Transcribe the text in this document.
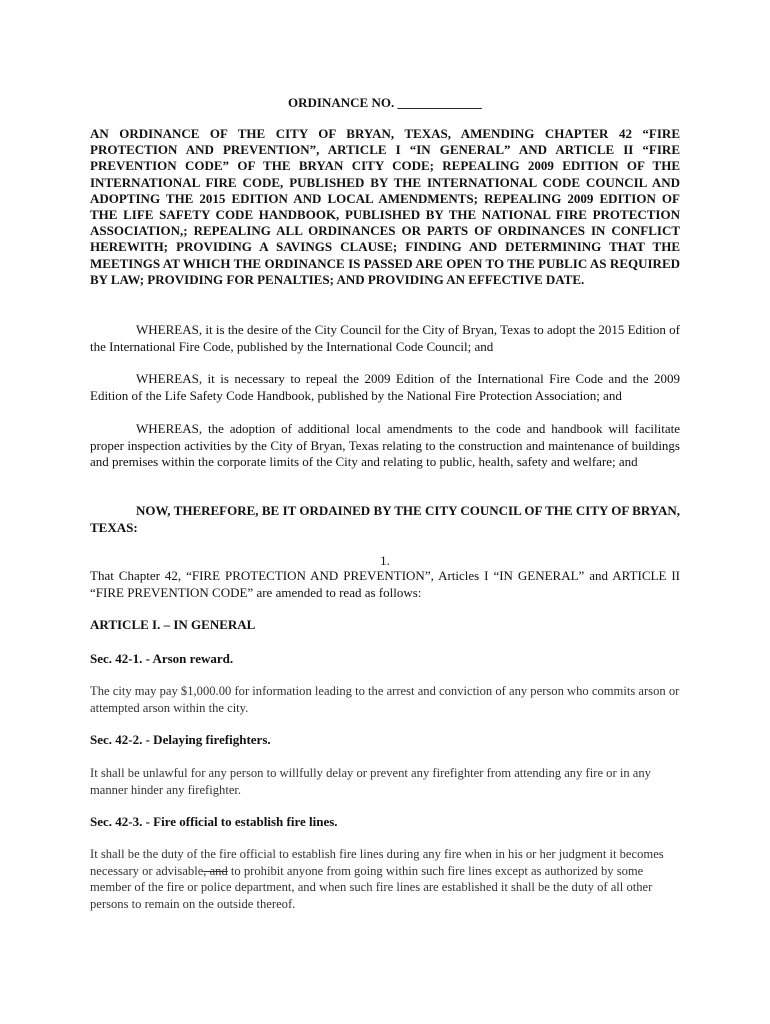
ORDINANCE NO. _____________
AN ORDINANCE OF THE CITY OF BRYAN, TEXAS, AMENDING CHAPTER 42 “FIRE PROTECTION AND PREVENTION”, ARTICLE I “IN GENERAL” AND ARTICLE II “FIRE PREVENTION CODE” OF THE BRYAN CITY CODE; REPEALING 2009 EDITION OF THE INTERNATIONAL FIRE CODE, PUBLISHED BY THE INTERNATIONAL CODE COUNCIL AND ADOPTING THE 2015 EDITION AND LOCAL AMENDMENTS; REPEALING 2009 EDITION OF THE LIFE SAFETY CODE HANDBOOK, PUBLISHED BY THE NATIONAL FIRE PROTECTION ASSOCIATION,; REPEALING ALL ORDINANCES OR PARTS OF ORDINANCES IN CONFLICT HEREWITH; PROVIDING A SAVINGS CLAUSE; FINDING AND DETERMINING THAT THE MEETINGS AT WHICH THE ORDINANCE IS PASSED ARE OPEN TO THE PUBLIC AS REQUIRED BY LAW; PROVIDING FOR PENALTIES; AND PROVIDING AN EFFECTIVE DATE.
WHEREAS, it is the desire of the City Council for the City of Bryan, Texas to adopt the 2015 Edition of the International Fire Code, published by the International Code Council; and
WHEREAS, it is necessary to repeal the 2009 Edition of the International Fire Code and the 2009 Edition of the Life Safety Code Handbook, published by the National Fire Protection Association; and
WHEREAS, the adoption of additional local amendments to the code and handbook will facilitate proper inspection activities by the City of Bryan, Texas relating to the construction and maintenance of buildings and premises within the corporate limits of the City and relating to public, health, safety and welfare; and
NOW, THEREFORE, BE IT ORDAINED BY THE CITY COUNCIL OF THE CITY OF BRYAN, TEXAS:
1.
That Chapter 42, “FIRE PROTECTION AND PREVENTION”, Articles I “IN GENERAL” and ARTICLE II “FIRE PREVENTION CODE” are amended to read as follows:
ARTICLE I. – IN GENERAL
Sec. 42-1. - Arson reward.
The city may pay $1,000.00 for information leading to the arrest and conviction of any person who commits arson or attempted arson within the city.
Sec. 42-2. - Delaying firefighters.
It shall be unlawful for any person to willfully delay or prevent any firefighter from attending any fire or in any manner hinder any firefighter.
Sec. 42-3. - Fire official to establish fire lines.
It shall be the duty of the fire official to establish fire lines during any fire when in his or her judgment it becomes necessary or advisable, and to prohibit anyone from going within such fire lines except as authorized by some member of the fire or police department, and when such fire lines are established it shall be the duty of all other persons to remain on the outside thereof.
